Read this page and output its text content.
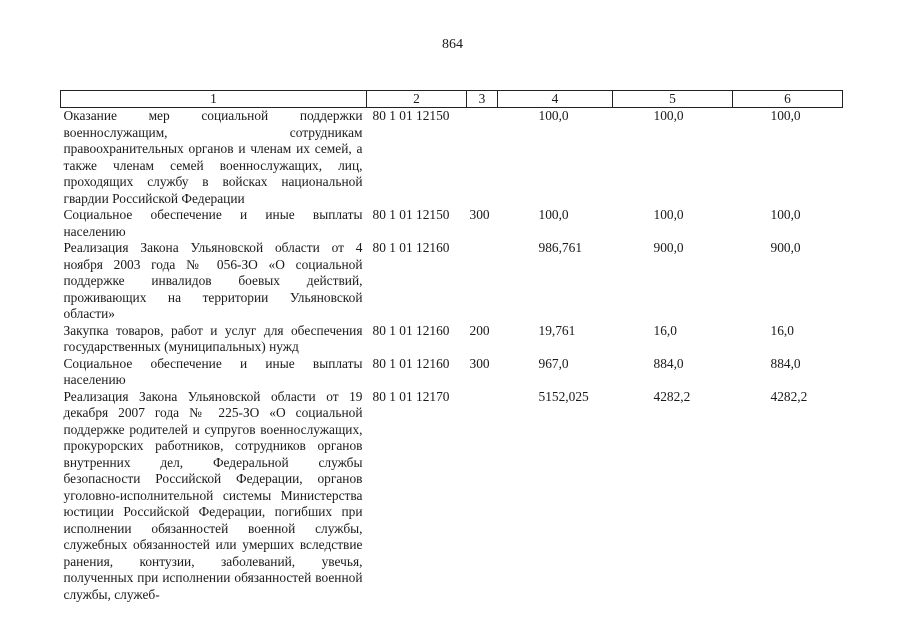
864
1	2	3	4	5	6
Оказание мер социальной поддержки военнослужащим, сотрудникам правоохранительных органов и членам их семей, а также членам семей военнослужащих, лиц, проходящих службу в войсках национальной гвардии Российской Федерации	80 1 01 12150		100,0	100,0	100,0
Социальное обеспечение и иные выплаты населению	80 1 01 12150	300	100,0	100,0	100,0
Реализация Закона Ульяновской области от 4 ноября 2003 года № 056-ЗО «О социальной поддержке инвалидов боевых действий, проживающих на территории Ульяновской области»	80 1 01 12160		986,761	900,0	900,0
Закупка товаров, работ и услуг для обеспечения государственных (муниципальных) нужд	80 1 01 12160	200	19,761	16,0	16,0
Социальное обеспечение и иные выплаты населению	80 1 01 12160	300	967,0	884,0	884,0
Реализация Закона Ульяновской области от 19 декабря 2007 года № 225-ЗО «О социальной поддержке родителей и супругов военнослужащих, прокурорских работников, сотрудников органов внутренних дел, Федеральной службы безопасности Российской Федерации, органов уголовно-исполнительной системы Министерства юстиции Российской Федерации, погибших при исполнении обязанностей военной службы, служебных обязанностей или умерших вследствие ранения, контузии, заболеваний, увечья, полученных при исполнении обязанностей военной службы, служеб-	80 1 01 12170		5152,025	4282,2	4282,2
